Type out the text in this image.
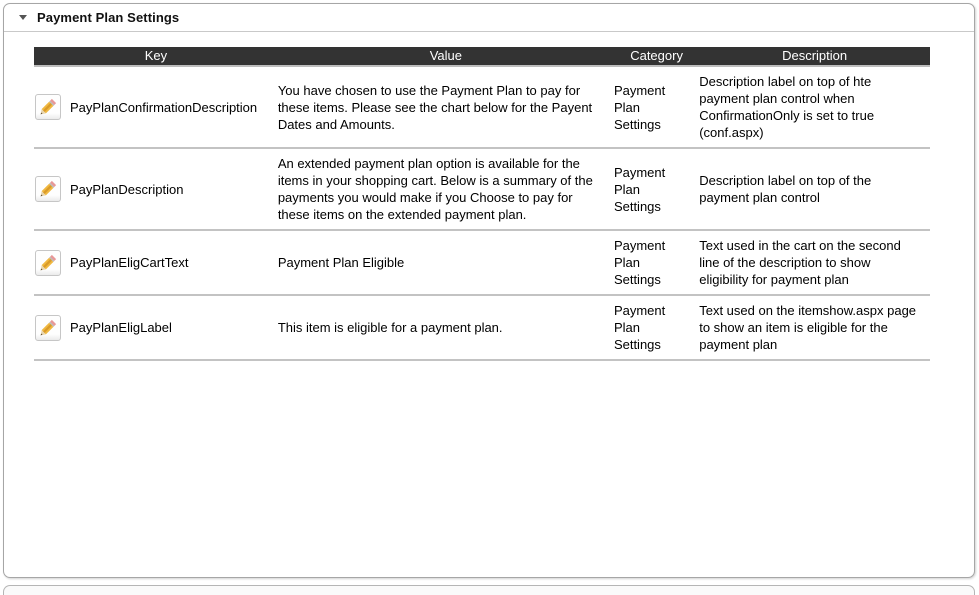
Payment Plan Settings
Key	Value	Category	Description

PayPlanConfirmationDescription	You have chosen to use the Payment Plan to pay for these items. Please see the chart below for the Payent Dates and Amounts.	Payment Plan Settings	Description label on top of hte payment plan control when ConfirmationOnly is set to true (conf.aspx)

PayPlanDescription	An extended payment plan option is available for the items in your shopping cart. Below is a summary of the payments you would make if you Choose to pay for these items on the extended payment plan.	Payment Plan Settings	Description label on top of the payment plan control

PayPlanEligCartText	Payment Plan Eligible	Payment Plan Settings	Text used in the cart on the second line of the description to show eligibility for payment plan

PayPlanEligLabel	This item is eligible for a payment plan.	Payment Plan Settings	Text used on the itemshow.aspx page to show an item is eligible for the payment plan
